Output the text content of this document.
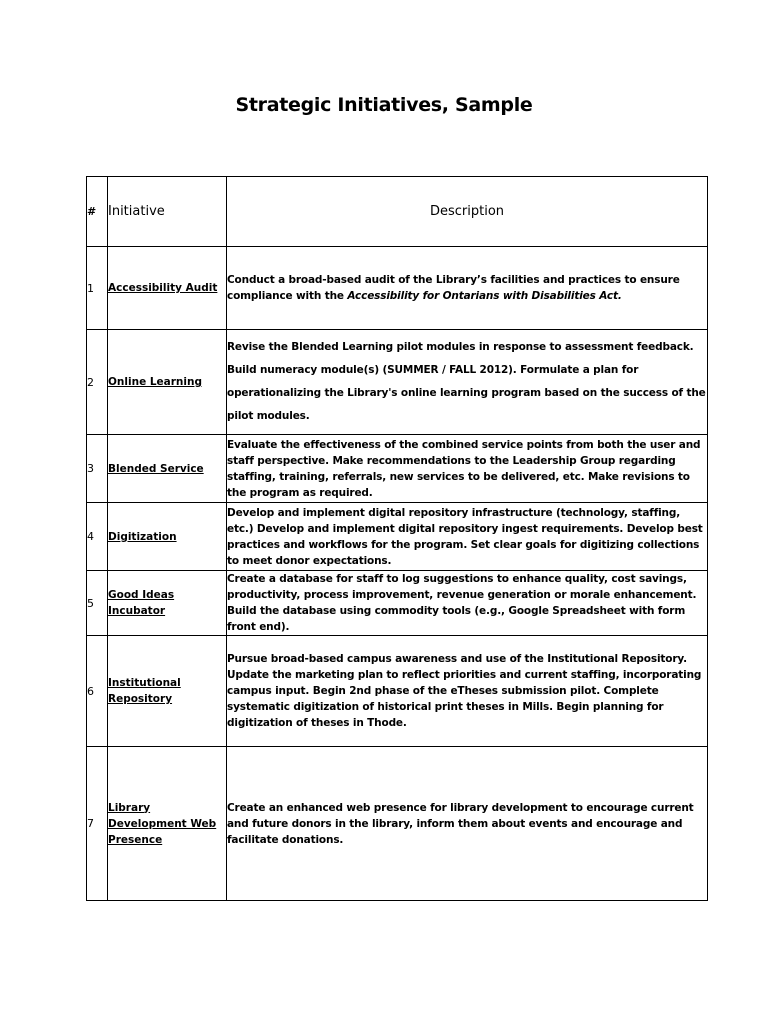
Strategic Initiatives, Sample
#	Initiative	Description
1	Accessibility Audit	Conduct a broad-based audit of the Library’s facilities and practices to ensure compliance with the Accessibility for Ontarians with Disabilities Act.
2	Online Learning	Revise the Blended Learning pilot modules in response to assessment feedback. Build numeracy module(s) (SUMMER / FALL 2012). Formulate a plan for operationalizing the Library's online learning program based on the success of the pilot modules.
3	Blended Service	Evaluate the effectiveness of the combined service points from both the user and staff perspective. Make recommendations to the Leadership Group regarding staffing, training, referrals, new services to be delivered, etc. Make revisions to the program as required.
4	Digitization	Develop and implement digital repository infrastructure (technology, staffing, etc.) Develop and implement digital repository ingest requirements. Develop best practices and workflows for the program. Set clear goals for digitizing collections to meet donor expectations.
5	Good Ideas Incubator	Create a database for staff to log suggestions to enhance quality, cost savings, productivity, process improvement, revenue generation or morale enhancement. Build the database using commodity tools (e.g., Google Spreadsheet with form front end).
6	Institutional Repository	Pursue broad-based campus awareness and use of the Institutional Repository. Update the marketing plan to reflect priorities and current staffing, incorporating campus input. Begin 2nd phase of the eTheses submission pilot. Complete systematic digitization of historical print theses in Mills. Begin planning for digitization of theses in Thode.
7	Library Development Web Presence	Create an enhanced web presence for library development to encourage current and future donors in the library, inform them about events and encourage and facilitate donations.
